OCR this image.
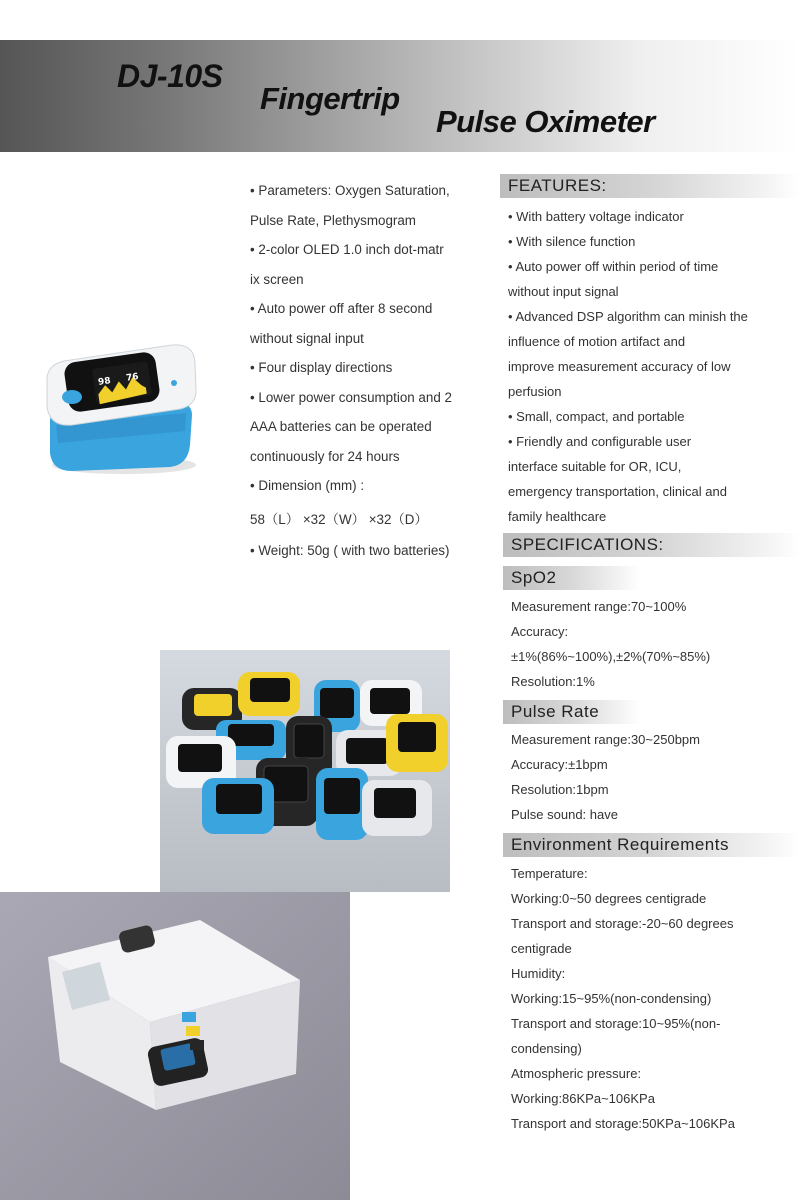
DJ-10S
Fingertrip
Pulse Oximeter
98 76
• Parameters: Oxygen Saturation,
Pulse Rate, Plethysmogram
• 2-color OLED 1.0 inch dot-matr
ix screen
• Auto power off after 8 second
without signal input
• Four display directions
• Lower power consumption and 2
AAA batteries can be operated
continuously for 24 hours
• Dimension (mm) :
58（L） ×32（W） ×32（D）
• Weight: 50g ( with two batteries)
FEATURES:
• With battery voltage indicator
• With silence function
• Auto power off within period of time
without input signal
• Advanced DSP algorithm can minish the
influence of motion artifact and
improve measurement accuracy of low
perfusion
• Small, compact, and portable
• Friendly and configurable user
interface suitable for OR, ICU,
emergency transportation, clinical and
family healthcare
SPECIFICATIONS:
SpO2
Measurement range:70~100%
Accuracy:
±1%(86%~100%),±2%(70%~85%)
Resolution:1%
Pulse Rate
Measurement range:30~250bpm
Accuracy:±1bpm
Resolution:1bpm
Pulse sound: have
Environment Requirements
Temperature:
Working:0~50 degrees centigrade
Transport and storage:-20~60 degrees
centigrade
Humidity:
Working:15~95%(non-condensing)
Transport and storage:10~95%(non-
condensing)
Atmospheric pressure:
Working:86KPa~106KPa
Transport and storage:50KPa~106KPa
